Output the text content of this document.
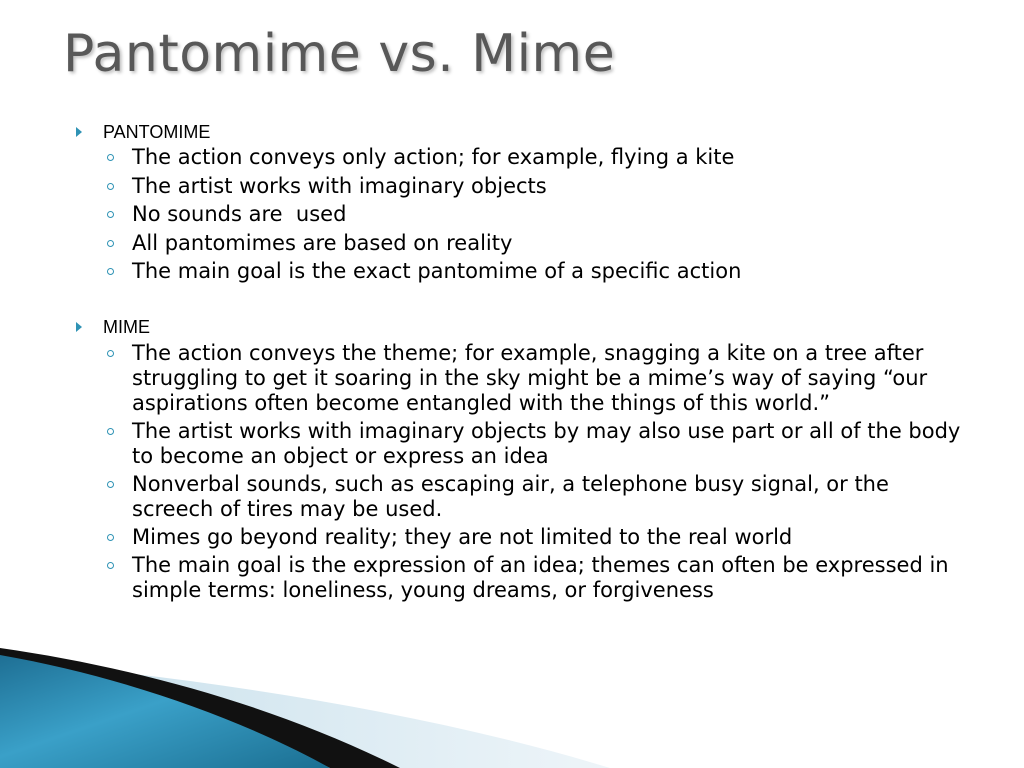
Pantomime vs. Mime
PANTOMIME
The action conveys only action; for example, flying a kite
The artist works with imaginary objects
No sounds are  used
All pantomimes are based on reality
The main goal is the exact pantomime of a specific action
MIME
The action conveys the theme; for example, snagging a kite on a tree after struggling to get it soaring in the sky might be a mime’s way of saying “our aspirations often become entangled with the things of this world.”
The artist works with imaginary objects by may also use part or all of the body to become an object or express an idea
Nonverbal sounds, such as escaping air, a telephone busy signal, or the screech of tires may be used.
Mimes go beyond reality; they are not limited to the real world
The main goal is the expression of an idea; themes can often be expressed in simple terms: loneliness, young dreams, or forgiveness
